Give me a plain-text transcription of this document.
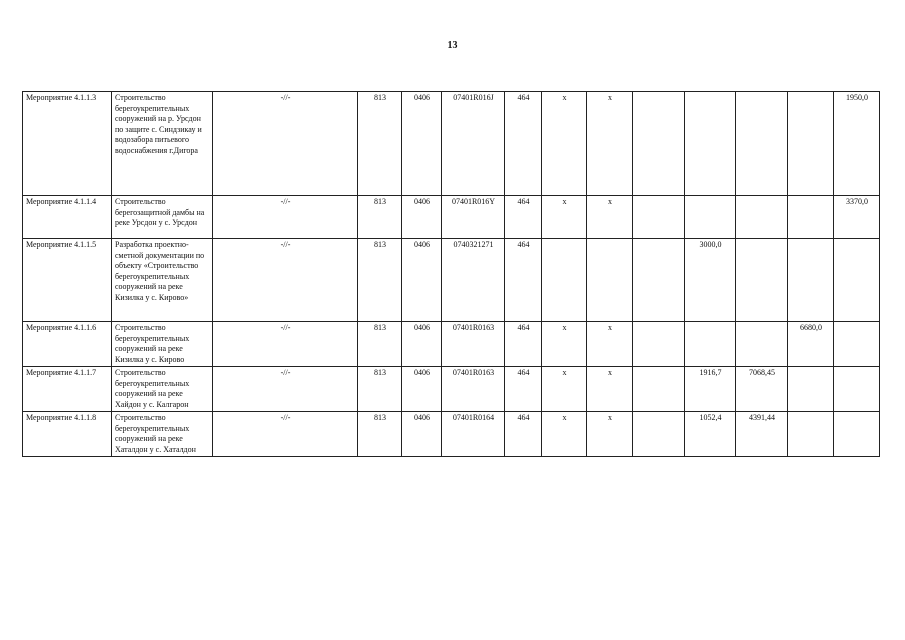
13
Мероприятие 4.1.1.3	Строительство берегоукрепительных сооружений на р. Урсдон по защите с. Синдзикау и водозабора питьевого водоснабжения г.Дигора	-//-	813	0406	07401R016J	464	х	х					1950,0
Мероприятие 4.1.1.4	Строительство берегозащитной дамбы на реке Урсдон у с. Урсдон	-//-	813	0406	07401R016Y	464	х	х					3370,0
Мероприятие 4.1.1.5	Разработка проектно-сметной документации по объекту «Строительство берегоукрепительных сооружений на реке Кизилка у с. Кирово»	-//-	813	0406	0740321271	464				3000,0			
Мероприятие 4.1.1.6	Строительство берегоукрепительных сооружений на реке Кизилка у с. Кирово	-//-	813	0406	07401R0163	464	х	х				6680,0	
Мероприятие 4.1.1.7	Строительство берегоукрепительных сооружений на реке Хайдон у с. Калгарон	-//-	813	0406	07401R0163	464	х	х		1916,7	7068,45		
Мероприятие 4.1.1.8	Строительство берегоукрепительных сооружений на реке Хаталдон у с. Хаталдон	-//-	813	0406	07401R0164	464	х	х		1052,4	4391,44		
